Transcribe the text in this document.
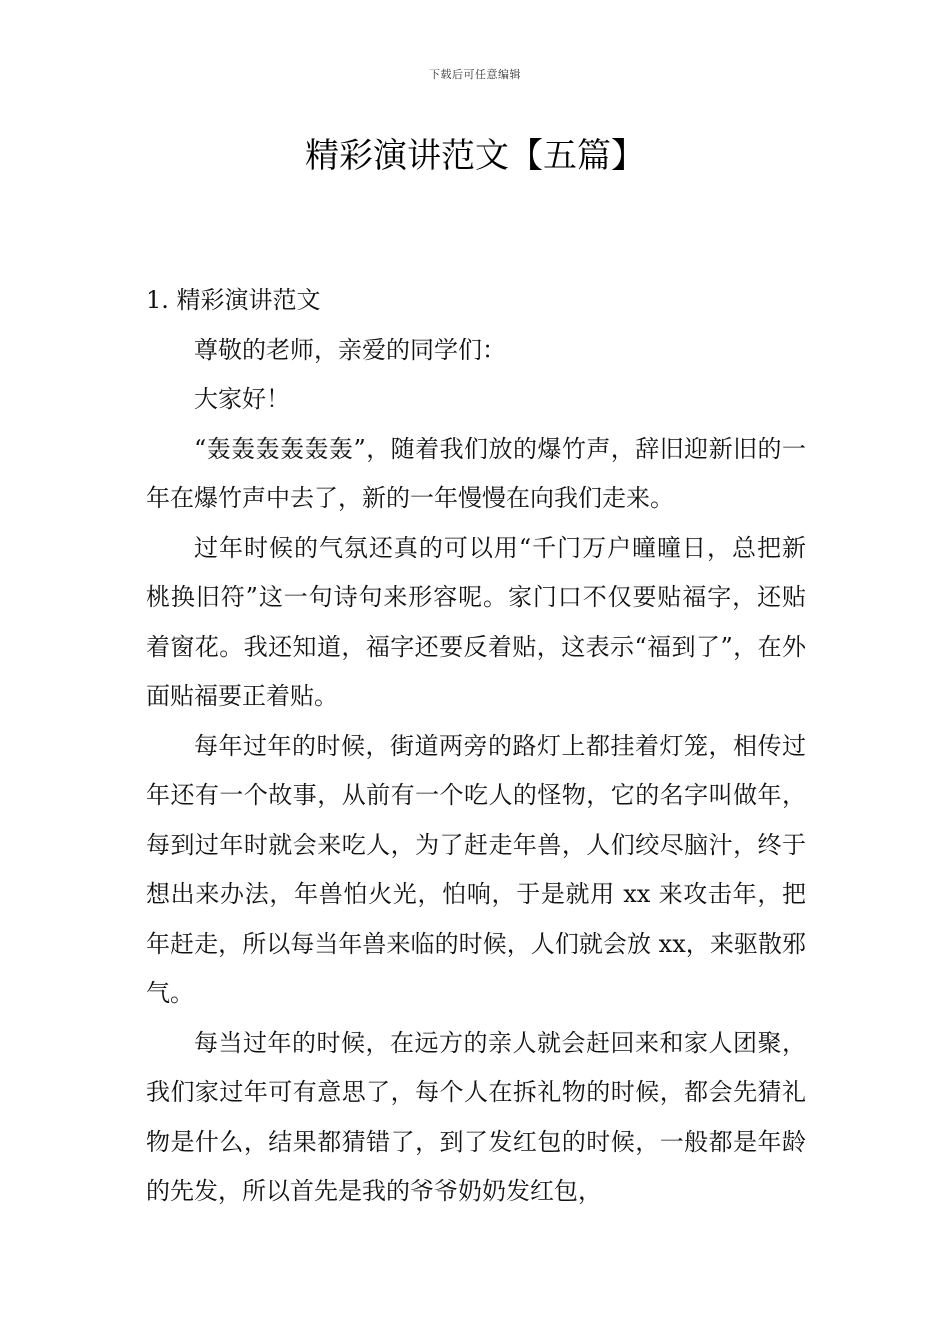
下载后可任意编辑
精彩演讲范文【五篇】

1. 精彩演讲范文

尊敬的老师，亲爱的同学们：

大家好！

“轰轰轰轰轰轰”，随着我们放的爆竹声，辞旧迎新旧的一年在爆竹声中去了，新的一年慢慢在向我们走来。

过年时候的气氛还真的可以用“千门万户曈曈日，总把新桃换旧符”这一句诗句来形容呢。家门口不仅要贴福字，还贴着窗花。我还知道，福字还要反着贴，这表示“福到了”，在外面贴福要正着贴。

每年过年的时候，街道两旁的路灯上都挂着灯笼，相传过年还有一个故事，从前有一个吃人的怪物，它的名字叫做年，每到过年时就会来吃人，为了赶走年兽，人们绞尽脑汁，终于想出来办法，年兽怕火光，怕响，于是就用 xx 来攻击年，把年赶走，所以每当年兽来临的时候，人们就会放 xx，来驱散邪气。

每当过年的时候，在远方的亲人就会赶回来和家人团聚，我们家过年可有意思了，每个人在拆礼物的时候，都会先猜礼物是什么，结果都猜错了，到了发红包的时候，一般都是年龄的先发，所以首先是我的爷爷奶奶发红包，
